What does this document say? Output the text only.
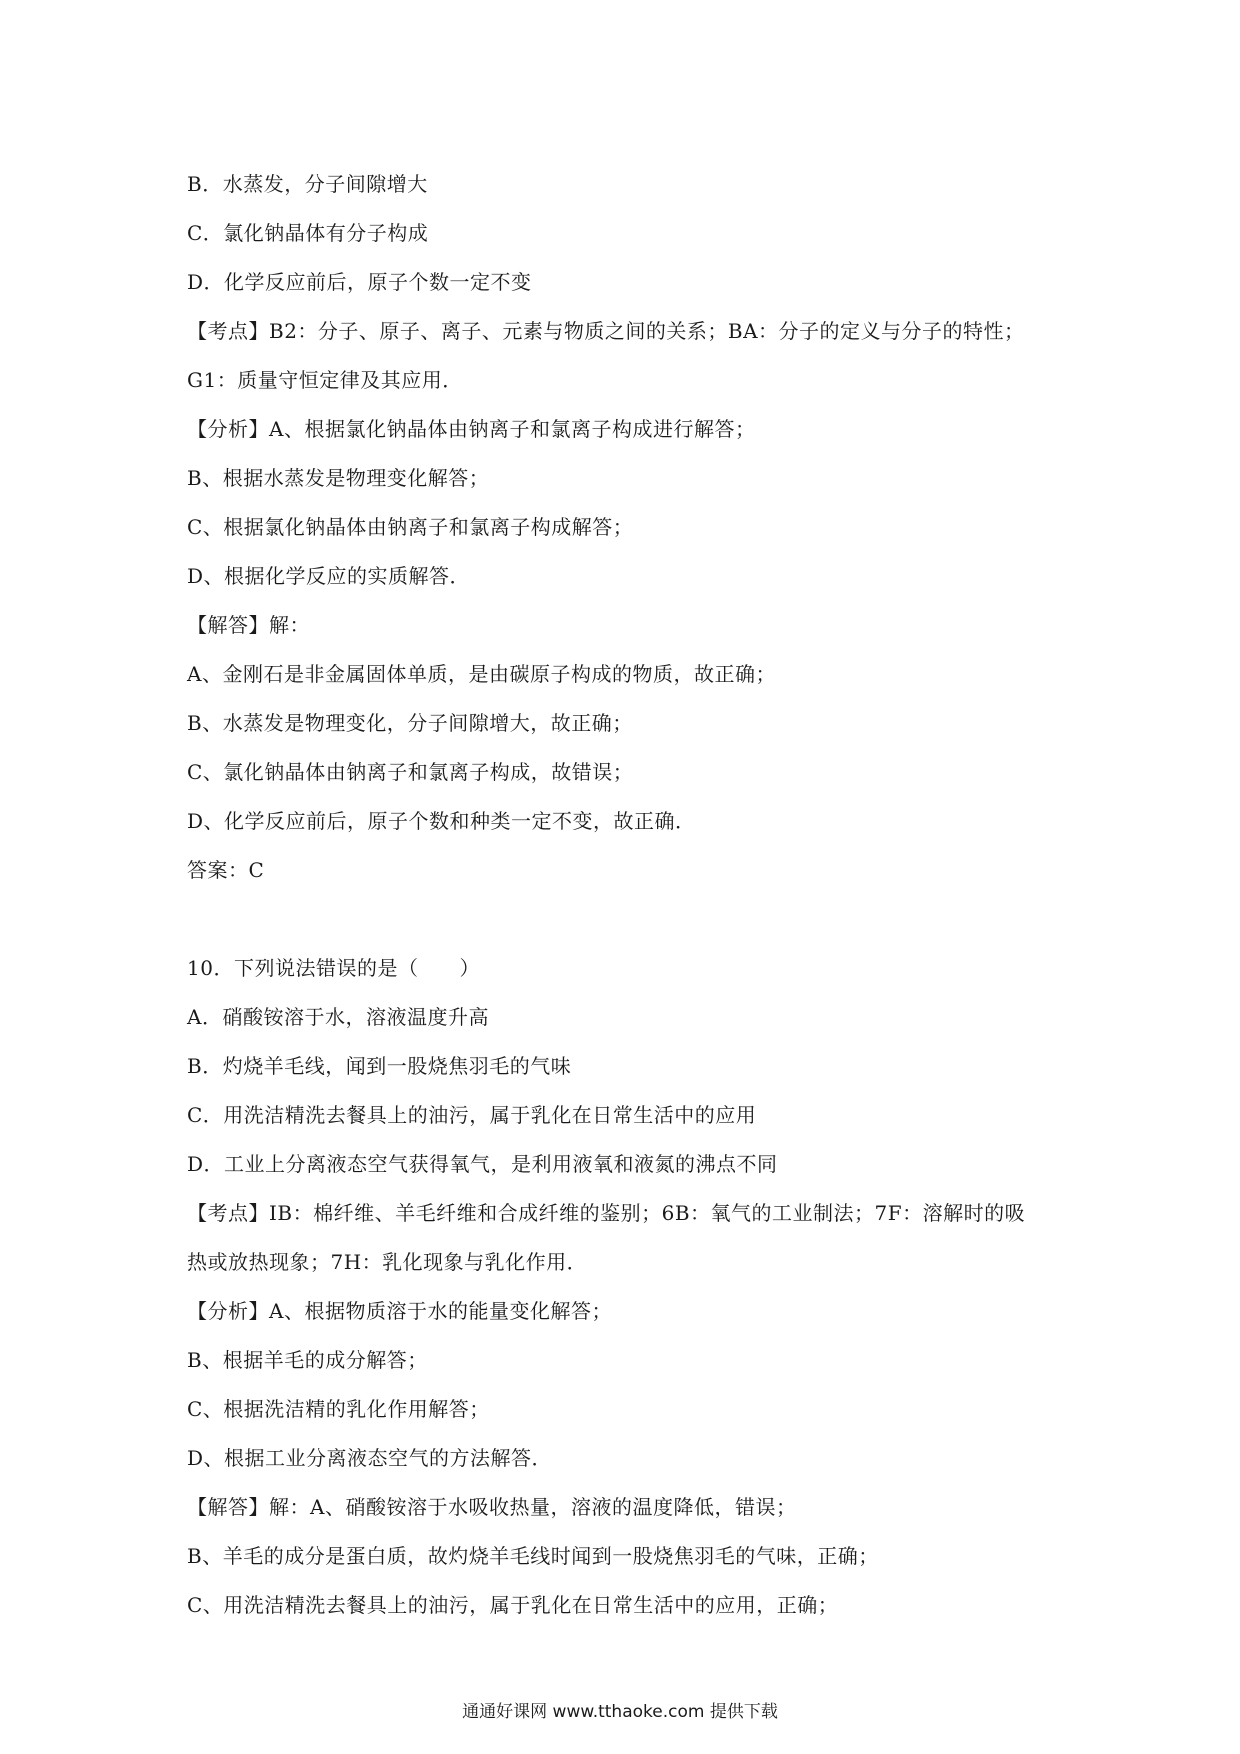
B．水蒸发，分子间隙增大
C．氯化钠晶体有分子构成
D．化学反应前后，原子个数一定不变
【考点】B2：分子、原子、离子、元素与物质之间的关系；BA：分子的定义与分子的特性；
G1：质量守恒定律及其应用．
【分析】A、根据氯化钠晶体由钠离子和氯离子构成进行解答；
B、根据水蒸发是物理变化解答；
C、根据氯化钠晶体由钠离子和氯离子构成解答；
D、根据化学反应的实质解答．
【解答】解：
A、金刚石是非金属固体单质，是由碳原子构成的物质，故正确；
B、水蒸发是物理变化，分子间隙增大，故正确；
C、氯化钠晶体由钠离子和氯离子构成，故错误；
D、化学反应前后，原子个数和种类一定不变，故正确．
答案：C
10．下列说法错误的是（　　）
A．硝酸铵溶于水，溶液温度升高
B．灼烧羊毛线，闻到一股烧焦羽毛的气味
C．用洗洁精洗去餐具上的油污，属于乳化在日常生活中的应用
D．工业上分离液态空气获得氧气，是利用液氧和液氮的沸点不同
【考点】IB：棉纤维、羊毛纤维和合成纤维的鉴别；6B：氧气的工业制法；7F：溶解时的吸
热或放热现象；7H：乳化现象与乳化作用．
【分析】A、根据物质溶于水的能量变化解答；
B、根据羊毛的成分解答；
C、根据洗洁精的乳化作用解答；
D、根据工业分离液态空气的方法解答．
【解答】解：A、硝酸铵溶于水吸收热量，溶液的温度降低，错误；
B、羊毛的成分是蛋白质，故灼烧羊毛线时闻到一股烧焦羽毛的气味，正确；
C、用洗洁精洗去餐具上的油污，属于乳化在日常生活中的应用，正确；
通通好课网 www.tthaoke.com 提供下载
